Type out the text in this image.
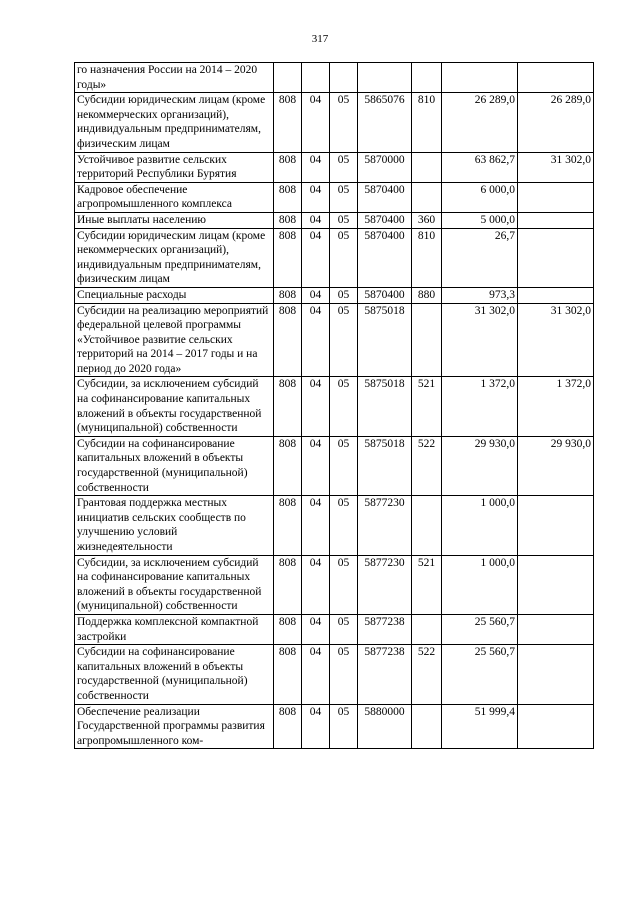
317
го назначения России на 2014 – 2020 годы»							
Субсидии юридическим лицам (кроме некоммерческих организаций), индивидуальным предпринимателям, физическим лицам	808	04	05	5865076	810	26 289,0	26 289,0
Устойчивое развитие сельских территорий Республики Бурятия	808	04	05	5870000		63 862,7	31 302,0
Кадровое обеспечение агропромышленного комплекса	808	04	05	5870400		6 000,0	
Иные выплаты населению	808	04	05	5870400	360	5 000,0	
Субсидии юридическим лицам (кроме некоммерческих организаций), индивидуальным предпринимателям, физическим лицам	808	04	05	5870400	810	26,7	
Специальные расходы	808	04	05	5870400	880	973,3	
Субсидии на реализацию мероприятий федеральной целевой программы «Устойчивое развитие сельских территорий на 2014 – 2017 годы и на период до 2020 года»	808	04	05	5875018		31 302,0	31 302,0
Субсидии, за исключением субсидий на софинансирование капитальных вложений в объекты государственной (муниципальной) собственности	808	04	05	5875018	521	1 372,0	1 372,0
Субсидии на софинансирование капитальных вложений в объекты государственной (муниципальной) собственности	808	04	05	5875018	522	29 930,0	29 930,0
Грантовая поддержка местных инициатив сельских сообществ по улучшению условий жизнедеятельности	808	04	05	5877230		1 000,0	
Субсидии, за исключением субсидий на софинансирование капитальных вложений в объекты государственной (муниципальной) собственности	808	04	05	5877230	521	1 000,0	
Поддержка комплексной компактной застройки	808	04	05	5877238		25 560,7	
Субсидии на софинансирование капитальных вложений в объекты государственной (муниципальной) собственности	808	04	05	5877238	522	25 560,7	
Обеспечение реализации Государственной программы развития агропромышленного ком-	808	04	05	5880000		51 999,4	
